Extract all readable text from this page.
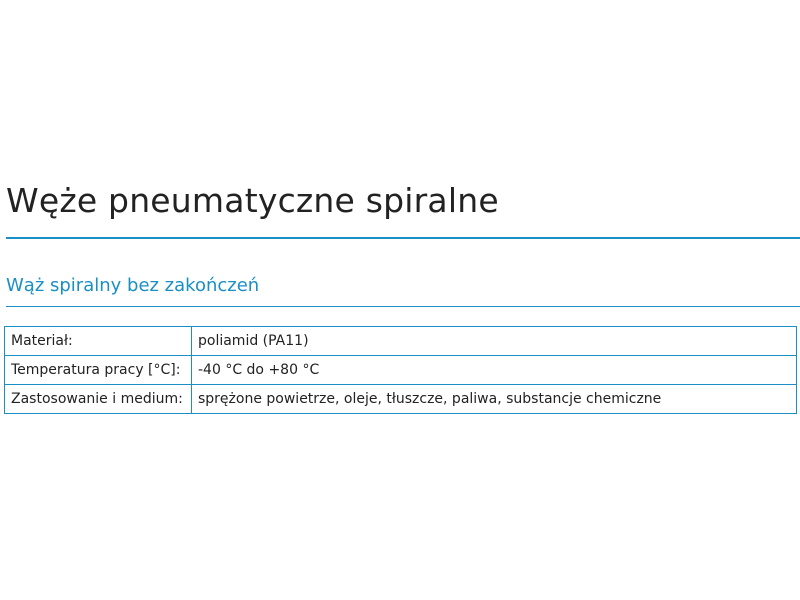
Węże pneumatyczne spiralne
Wąż spiralny bez zakończeń
Materiał:	poliamid (PA11)
Temperatura pracy [°C]:	-40 °C do +80 °C
Zastosowanie i medium:	sprężone powietrze, oleje, tłuszcze, paliwa, substancje chemiczne
